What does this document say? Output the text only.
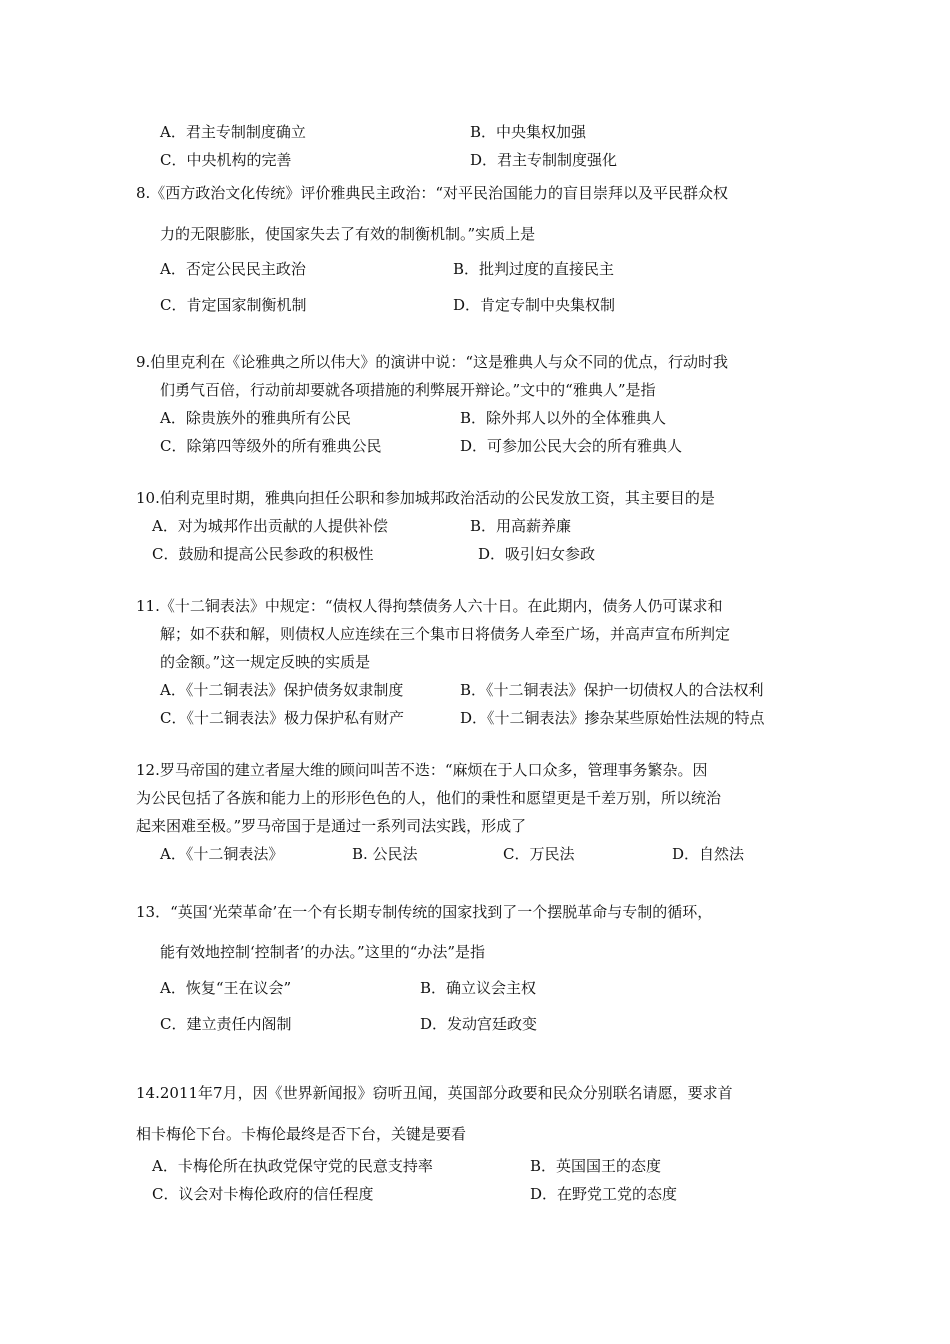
A．君主专制制度确立	B．中央集权加强
C．中央机构的完善	D．君主专制制度强化
8.《西方政治文化传统》评价雅典民主政治：“对平民治国能力的盲目崇拜以及平民群众权
力的无限膨胀，使国家失去了有效的制衡机制。”实质上是
A．否定公民民主政治	B．批判过度的直接民主
C．肯定国家制衡机制	D．肯定专制中央集权制
9.伯里克利在《论雅典之所以伟大》的演讲中说：“这是雅典人与众不同的优点，行动时我
们勇气百倍，行动前却要就各项措施的利弊展开辩论。”文中的“雅典人”是指
A．除贵族外的雅典所有公民	B．除外邦人以外的全体雅典人
C．除第四等级外的所有雅典公民	D．可参加公民大会的所有雅典人
10.伯利克里时期，雅典向担任公职和参加城邦政治活动的公民发放工资，其主要目的是
A．对为城邦作出贡献的人提供补偿	B．用高薪养廉
C．鼓励和提高公民参政的积极性	D．吸引妇女参政
11.《十二铜表法》中规定：“债权人得拘禁债务人六十日。在此期内，债务人仍可谋求和
解；如不获和解，则债权人应连续在三个集市日将债务人牵至广场，并高声宣布所判定
的金额。”这一规定反映的实质是
A．《十二铜表法》保护债务奴隶制度	B．《十二铜表法》保护一切债权人的合法权利
C．《十二铜表法》极力保护私有财产	D．《十二铜表法》掺杂某些原始性法规的特点
12.罗马帝国的建立者屋大维的顾问叫苦不迭：“麻烦在于人口众多，管理事务繁杂。因
为公民包括了各族和能力上的形形色色的人，他们的秉性和愿望更是千差万别，所以统治
起来困难至极。”罗马帝国于是通过一系列司法实践，形成了
A．《十二铜表法》	B. 公民法	C．万民法	D．自然法
13．“英国‘光荣革命’在一个有长期专制传统的国家找到了一个摆脱革命与专制的循环，
能有效地控制‘控制者’的办法。”这里的“办法”是指
A．恢复“王在议会”	B．确立议会主权
C．建立责任内阁制	D．发动宫廷政变
14.2011年7月，因《世界新闻报》窃听丑闻，英国部分政要和民众分别联名请愿，要求首
相卡梅伦下台。卡梅伦最终是否下台，关键是要看
A．卡梅伦所在执政党保守党的民意支持率	B．英国国王的态度
C．议会对卡梅伦政府的信任程度	D．在野党工党的态度
